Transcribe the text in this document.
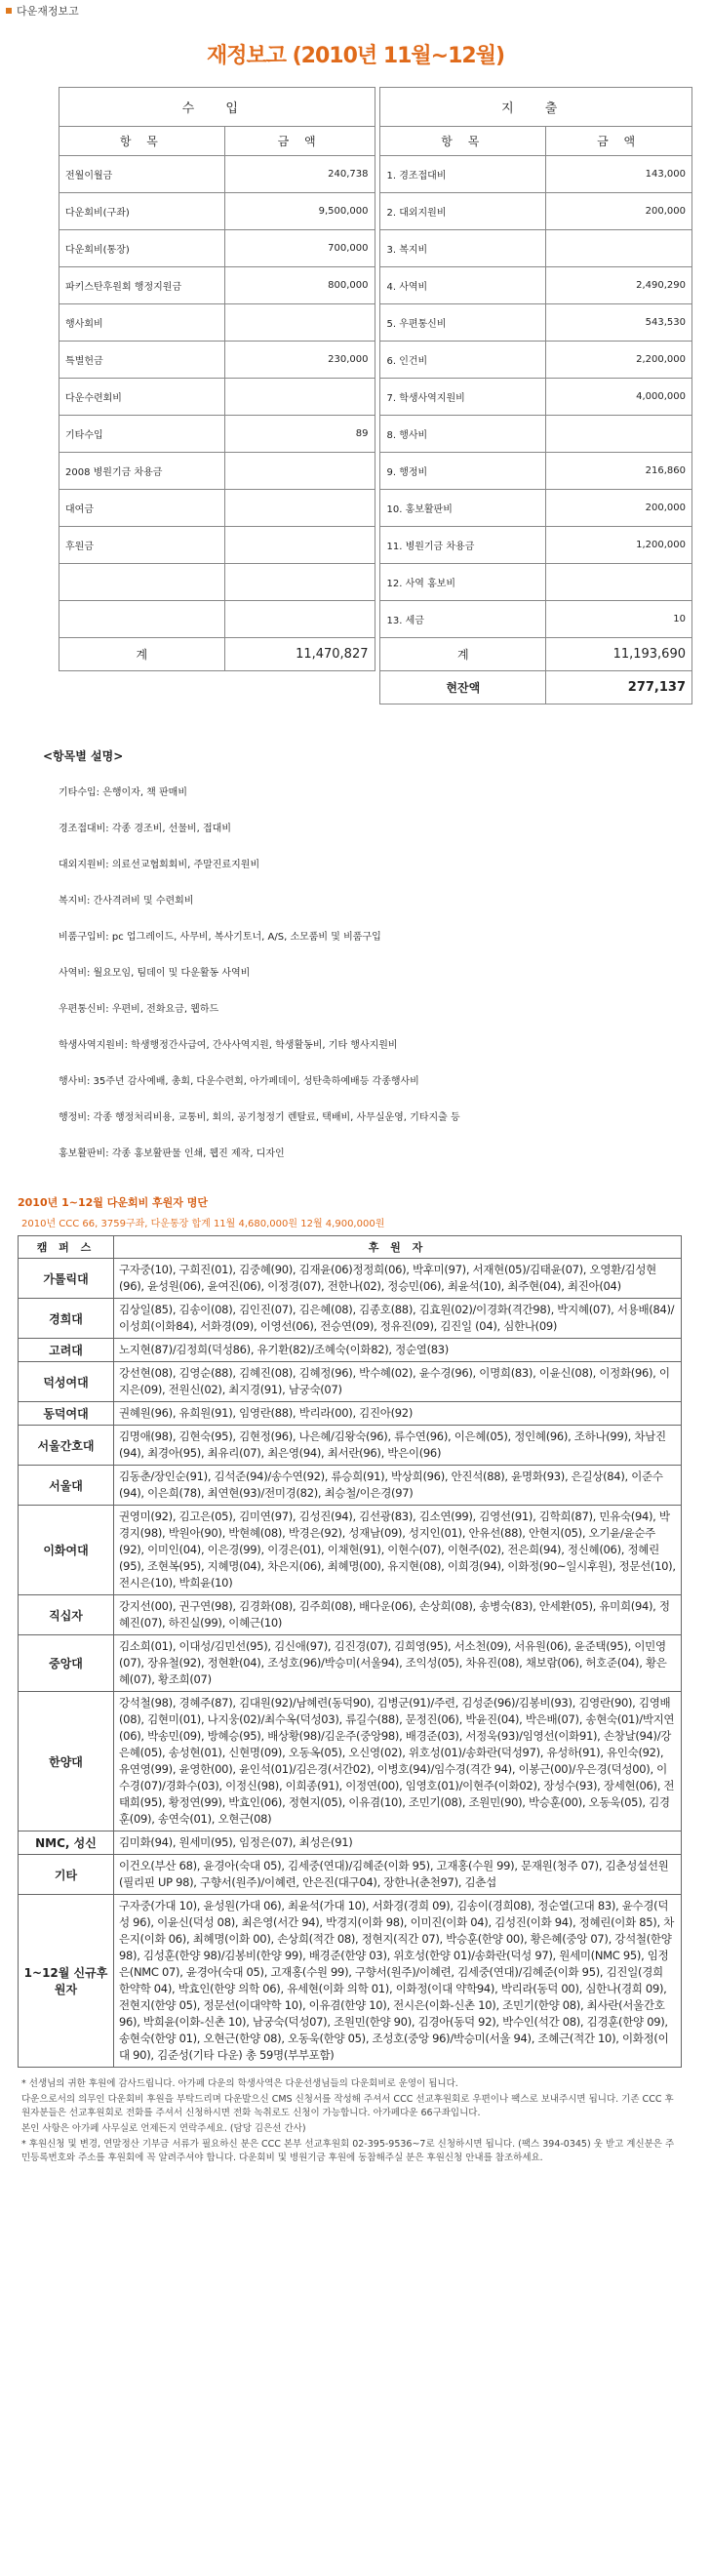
다운재정보고
재정보고 (2010년 11월~12월)
수 입			지 출	
항 목	금 액		항 목	금 액
전월이월금	240,738		1. 경조접대비	143,000
다운회비(구좌)	9,500,000		2. 대외지원비	200,000
다운회비(통장)	700,000		3. 복지비	
파키스탄후원회 행정지원금	800,000		4. 사역비	2,490,290
행사회비			5. 우편통신비	543,530
특별헌금	230,000		6. 인건비	2,200,000
다운수련회비			7. 학생사역지원비	4,000,000
기타수입	89		8. 행사비	
2008 병원기금 차용금			9. 행정비	216,860
대여금			10. 홍보활판비	200,000
후원금			11. 병원기금 차용금	1,200,000
			12. 사역 홍보비	
			13. 세금	10
계	11,470,827		계	11,193,690
			현잔액	277,137
<항목별 설명>

기타수입: 은행이자, 책 판매비

경조접대비: 각종 경조비, 선물비, 접대비

대외지원비: 의료선교협회회비, 주말진료지원비

복지비: 간사격려비 및 수련회비

비품구입비: pc 업그레이드, 사무비, 복사기토너, A/S, 소모품비 및 비품구입

사역비: 월요모임, 팀데이 및 다운활동 사역비

우편통신비: 우편비, 전화요금, 웹하드

학생사역지원비: 학생행정간사급여, 간사사역지원, 학생활동비, 기타 행사지원비

행사비: 35주년 감사예배, 총회, 다운수련회, 아가페데이, 성탄축하예배등 각종행사비

행정비: 각종 행정처리비용, 교통비, 회의, 공기청정기 렌탈료, 택배비, 사무실운영, 기타지출 등

홍보활판비: 각종 홍보활판물 인쇄, 웹진 제작, 디자인

2010년 1~12월 다운회비 후원자 명단
2010년 CCC 66, 3759구좌, 다운통장 합계 11월 4,680,000원 12월 4,900,000원
캠 퍼 스	후 원 자
가톨릭대	구자중(10), 구희진(01), 김중혜(90), 김재윤(06)정정희(06), 박후미(97), 서재현(05)/김태윤(07), 오영환/김성현(96), 윤성원(06), 윤여진(06), 이정경(07), 전한나(02), 정승민(06), 최윤석(10), 최주현(04), 최진아(04)
경희대	김상일(85), 김송이(08), 김인진(07), 김은혜(08), 김종호(88), 김효원(02)/이경화(격간98), 박지혜(07), 서용배(84)/이성희(이화84), 서화경(09), 이영선(06), 전승연(09), 정유진(09), 김진일 (04), 심한나(09)
고려대	노지현(87)/김정희(덕성86), 유기환(82)/조혜숙(이화82), 정순열(83)
덕성여대	강선현(08), 김영순(88), 김혜진(08), 김혜정(96), 박수혜(02), 윤수경(96), 이명희(83), 이윤신(08), 이정화(96), 이지은(09), 전원신(02), 최지경(91), 남궁숙(07)
동덕여대	권혜원(96), 유희원(91), 임영란(88), 박리라(00), 김진아(92)
서울간호대	김명애(98), 김현숙(95), 김현정(96), 나은혜/김왕숙(96), 류수연(96), 이은혜(05), 정인혜(96), 조하나(99), 차남진(94), 최경아(95), 최유리(07), 최은영(94), 최서란(96), 박은이(96)
서울대	김동춘/장인순(91), 김석준(94)/송수연(92), 류승희(91), 박상희(96), 안진석(88), 윤명화(93), 은길상(84), 이준수(94), 이은희(78), 최연현(93)/전미경(82), 최승철/이은경(97)
이화여대	권영미(92), 김고은(05), 김미연(97), 김성진(94), 김선광(83), 김소연(99), 김영선(91), 김학희(87), 민유숙(94), 박경지(98), 박원아(90), 박현혜(08), 박경은(92), 성재남(09), 성지인(01), 안유선(88), 안현지(05), 오기윤/윤순주(92), 이미인(04), 이은경(99), 이경은(01), 이채현(91), 이현수(07), 이현주(02), 전은희(94), 정신혜(06), 정혜린(95), 조현복(95), 지혜명(04), 차은지(06), 최혜명(00), 유지현(08), 이희경(94), 이화정(90~일시후원), 정문선(10), 전시은(10), 박희윤(10)
직십자	강지선(00), 권구연(98), 김경화(08), 김주희(08), 배다운(06), 손상희(08), 송병숙(83), 안세환(05), 유미희(94), 정혜진(07), 하진실(99), 이혜근(10)
중앙대	김소희(01), 이대성/김민선(95), 김신애(97), 김진경(07), 김희영(95), 서소천(09), 서유원(06), 윤준택(95), 이민영(07), 장유철(92), 정현환(04), 조성호(96)/박승미(서울94), 조익성(05), 차유진(08), 채보람(06), 허호준(04), 황은혜(07), 황조희(07)
한양대	강석철(98), 경혜주(87), 김대원(92)/남혜련(동덕90), 김병군(91)/주련, 김성준(96)/김봉비(93), 김영란(90), 김영배(08), 김현미(01), 나지웅(02)/최수옥(덕성03), 류길수(88), 문정진(06), 박윤진(04), 박은배(07), 송현숙(01)/박지연(06), 박송민(09), 방혜승(95), 배상황(98)/김운주(중앙98), 배경준(03), 서정욱(93)/임영선(이화91), 손창날(94)/강은혜(05), 송성현(01), 신현명(09), 오동옥(05), 오신영(02), 위호성(01)/송화란(덕성97), 유성하(91), 유인숙(92), 유연영(99), 윤영한(00), 윤인석(01)/김은경(서간02), 이병호(94)/임수경(격간 94), 이봉근(00)/우은경(덕성00), 이수경(07)/경화수(03), 이정신(98), 이희종(91), 이정연(00), 임영호(01)/이현주(이화02), 장성수(93), 장세현(06), 전태희(95), 황정연(99), 박효인(06), 정현지(05), 이유겸(10), 조민기(08), 조원민(90), 박승훈(00), 오동욱(05), 김경훈(09), 송연숙(01), 오현근(08)
NMC, 성신	김미화(94), 원세미(95), 임정은(07), 최성은(91)
기타	이건오(부산 68), 윤경아(숙대 05), 김세중(연대)/김혜준(이화 95), 고재홍(수원 99), 문재원(청주 07), 김춘성설선원(필리핀 UP 98), 구향서(원주)/이혜련, 안은진(대구04), 장한나(춘천97), 김춘섭
1~12월 신규후원자	구자중(가대 10), 윤성원(가대 06), 최윤석(가대 10), 서화경(경희 09), 김송이(경희08), 정순열(고대 83), 윤수경(덕성 96), 이윤신(덕성 08), 최은영(서간 94), 박경지(이화 98), 이미진(이화 04), 김성진(이화 94), 정혜린(이화 85), 차은지(이화 06), 최혜명(이화 00), 손상희(적간 08), 정현지(직간 07), 박승훈(한양 00), 황은혜(중앙 07), 강석철(한양 98), 김성훈(한양 98)/김봉비(한양 99), 배경준(한양 03), 위호성(한양 01)/송화란(덕성 97), 원세미(NMC 95), 임정은(NMC 07), 윤경아(숙대 05), 고재홍(수원 99), 구향서(원주)/이혜련, 김세중(연대)/김혜준(이화 95), 김진일(경희 한약학 04), 박효인(한양 의학 06), 유세현(이화 의학 01), 이화정(이대 약학94), 박리라(동덕 00), 심한나(경희 09), 전현지(한양 05), 정문선(이대약학 10), 이유겸(한양 10), 전시은(이화-신촌 10), 조민기(한양 08), 최사란(서울간호 96), 박희윤(이화-신촌 10), 남궁숙(덕성07), 조원민(한양 90), 김경아(동덕 92), 박수인(석간 08), 김경훈(한양 09), 송현숙(한양 01), 오현근(한양 08), 오동욱(한양 05), 조성호(중앙 96)/박승미(서울 94), 조혜근(적간 10), 이화정(이대 90), 김준성(기타 다운) 총 59명(부부포함)

* 선생님의 귀한 후원에 감사드립니다. 아가페 다운의 학생사역은 다운선생님들의 다운회비로 운영이 됩니다.

다운으로서의 의무인 다운회비 후원을 부탁드리며 다운발으신 CMS 신청서를 작성해 주셔서 CCC 선교후원회로 우편이나 팩스로 보내주시면 됩니다. 기존 CCC 후원자분들은 선교후원회로 전화를 주셔서 신청하시면 전화 녹취로도 신청이 가능합니다. 아가페다운 66구좌입니다.

본인 사항은 아가페 사무실로 언제든지 연락주세요. (담당 김은선 간사)

* 후원신청 및 변경, 연말정산 기부금 서류가 필요하신 분은 CCC 본부 선교후원회 02-395-9536~7로 신청하시면 됩니다. (팩스 394-0345) 웃 받고 계신분은 주민등록번호와 주소를 후원회에 꼭 알려주셔야 합니다. 다운회비 및 병원기금 후원에 동참해주실 분은 후원신청 안내를 참조하세요.
